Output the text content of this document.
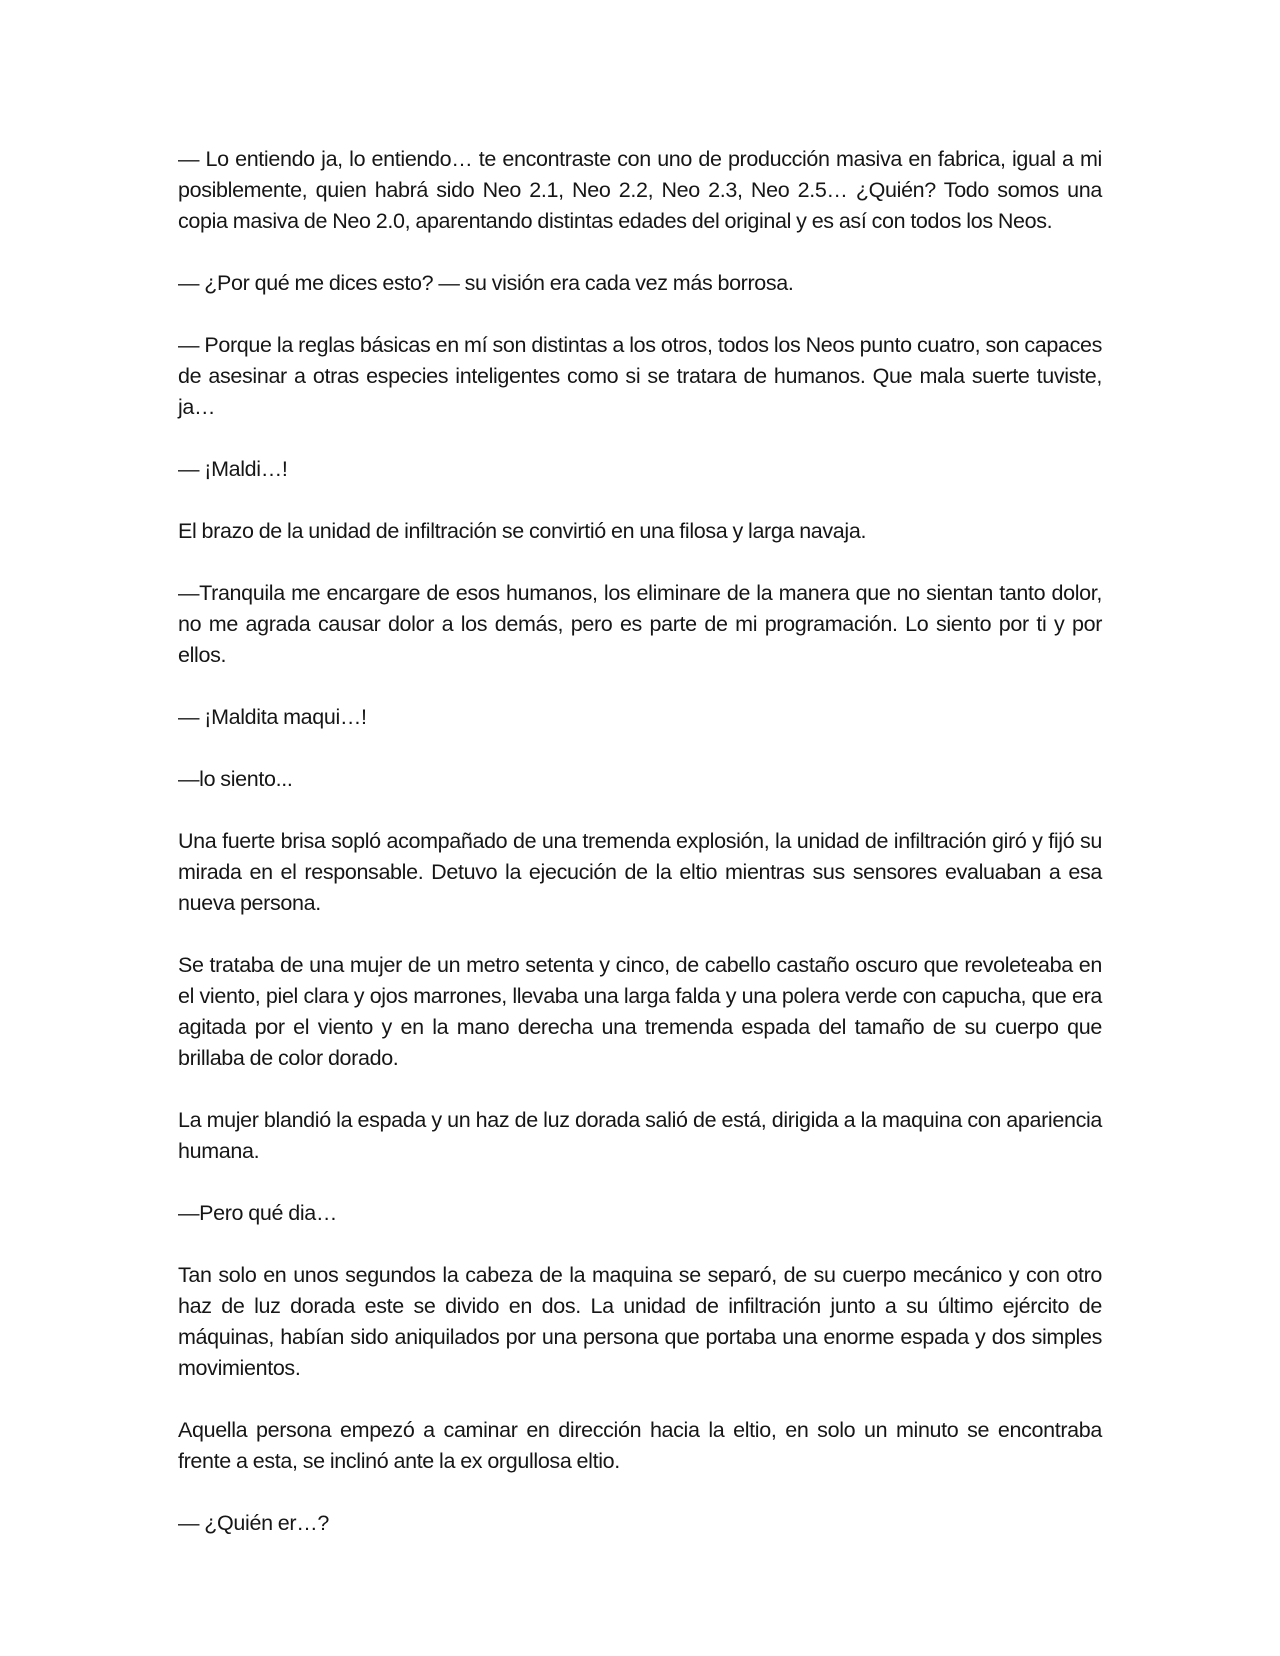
— Lo entiendo ja, lo entiendo… te encontraste con uno de producción masiva en fabrica, igual a mi posiblemente, quien habrá sido Neo 2.1, Neo 2.2, Neo 2.3, Neo 2.5… ¿Quién? Todo somos una copia masiva de Neo 2.0, aparentando distintas edades del original y es así con todos los Neos.

— ¿Por qué me dices esto? — su visión era cada vez más borrosa.

— Porque la reglas básicas en mí son distintas a los otros, todos los Neos punto cuatro, son capaces de asesinar a otras especies inteligentes como si se tratara de humanos. Que mala suerte tuviste, ja…

— ¡Maldi…!

El brazo de la unidad de infiltración se convirtió en una filosa y larga navaja.

—Tranquila me encargare de esos humanos, los eliminare de la manera que no sientan tanto dolor, no me agrada causar dolor a los demás, pero es parte de mi programación. Lo siento por ti y por ellos.

— ¡Maldita maqui…!

—lo siento...

Una fuerte brisa sopló acompañado de una tremenda explosión, la unidad de infiltración giró y fijó su mirada en el responsable. Detuvo la ejecución de la eltio mientras sus sensores evaluaban a esa nueva persona.

Se trataba de una mujer de un metro setenta y cinco, de cabello castaño oscuro que revoleteaba en el viento, piel clara y ojos marrones, llevaba una larga falda y una polera verde con capucha, que era agitada por el viento y en la mano derecha una tremenda espada del tamaño de su cuerpo que brillaba de color dorado.

La mujer blandió la espada y un haz de luz dorada salió de está, dirigida a la maquina con apariencia humana.

—Pero qué dia…

Tan solo en unos segundos la cabeza de la maquina se separó, de su cuerpo mecánico y con otro haz de luz dorada este se divido en dos. La unidad de infiltración junto a su último ejército de máquinas, habían sido aniquilados por una persona que portaba una enorme espada y dos simples movimientos.

Aquella persona empezó a caminar en dirección hacia la eltio, en solo un minuto se encontraba frente a esta, se inclinó ante la ex orgullosa eltio.

— ¿Quién er…?
